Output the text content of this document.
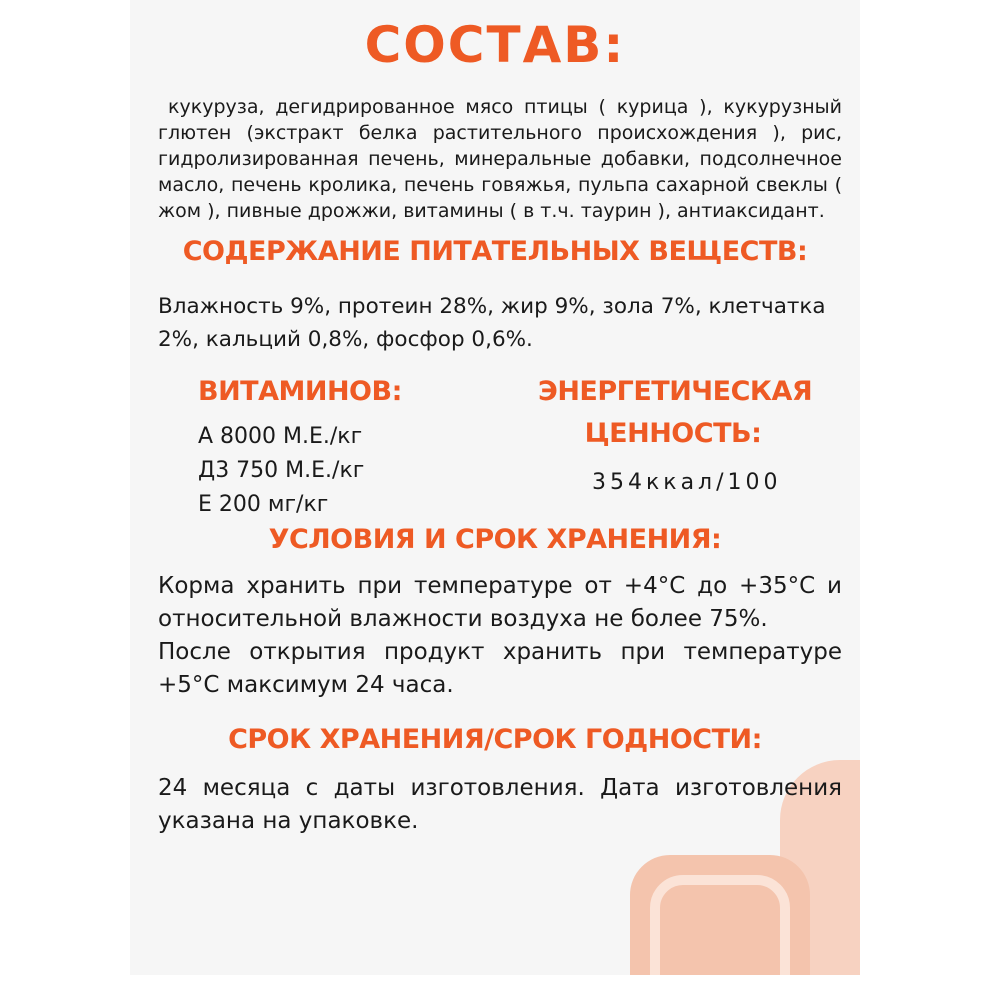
СОСТАВ:

кукуруза, дегидрированное мясо птицы ( курица ), кукурузный глютен (экстракт белка растительного происхождения ), рис, гидролизированная печень, минеральные добавки, подсолнечное масло, печень кролика, печень говяжья, пульпа сахарной свеклы ( жом ), пивные дрожжи, витамины ( в т.ч. таурин ), антиаксидант.

СОДЕРЖАНИЕ ПИТАТЕЛЬНЫХ ВЕЩЕСТВ:

Влажность 9%, протеин 28%, жир 9%, зола 7%, клетчатка 2%, кальций 0,8%, фосфор 0,6%.

ВИТАМИНОВ:

А 8000 М.Е./кг
Д3 750 М.Е./кг
Е 200 мг/кг

ЭНЕРГЕТИЧЕСКАЯ
ЦЕННОСТЬ:

354ккал/100

УСЛОВИЯ И СРОК ХРАНЕНИЯ:

Корма хранить при температуре от +4°С до +35°С и относительной влажности воздуха не более 75%.
После открытия продукт хранить при температуре +5°С максимум 24 часа.

СРОК ХРАНЕНИЯ/СРОК ГОДНОСТИ:

24 месяца с даты изготовления. Дата изготовления указана на упаковке.
